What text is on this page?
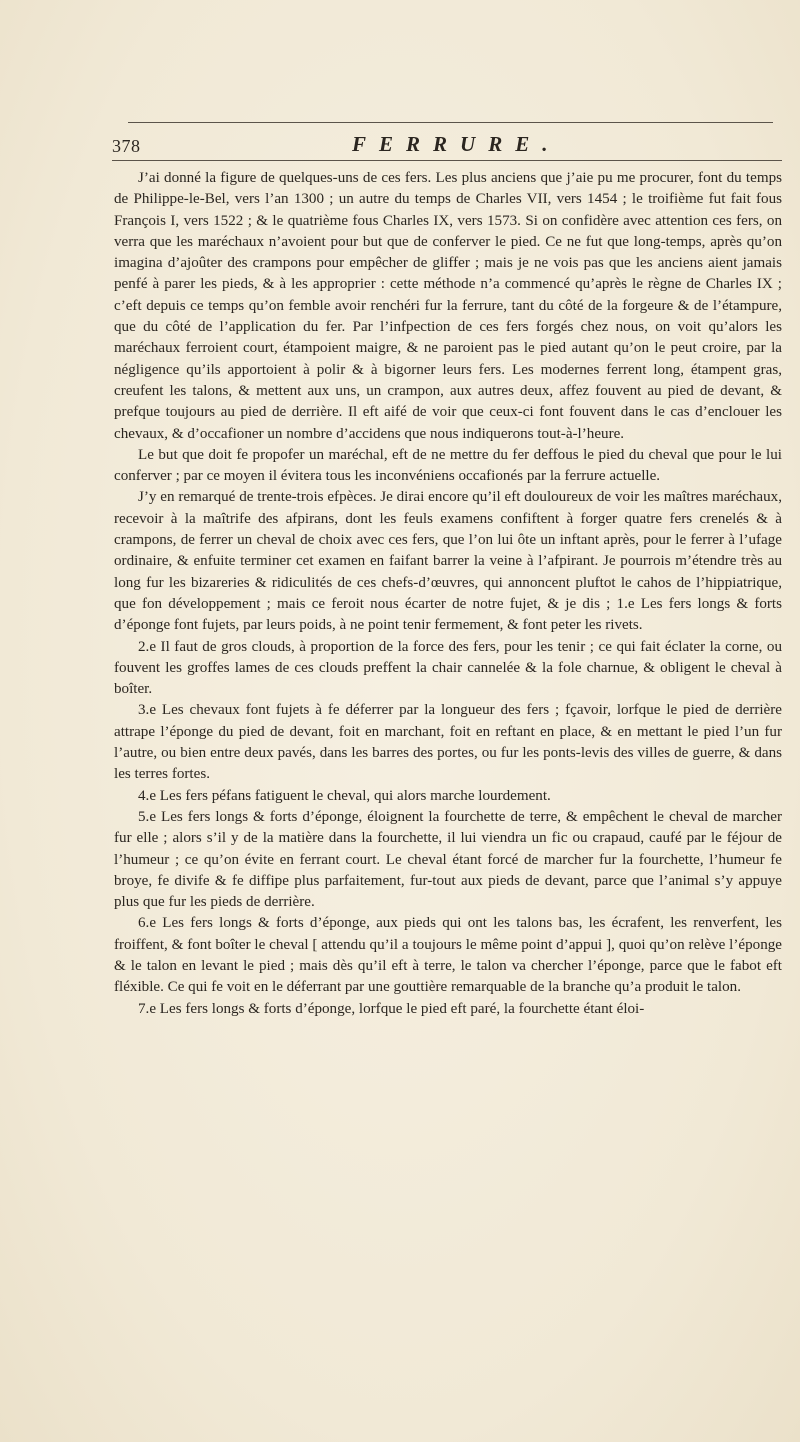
378	FERRURE.

J’ai donné la figure de quelques-uns de ces fers. Les plus anciens que j’aie pu me procurer, font du temps de Philippe-le-Bel, vers l’an 1300 ; un autre du temps de Charles VII, vers 1454 ; le troifième fut fait fous François I, vers 1522 ; & le quatrième fous Charles IX, vers 1573. Si on confidère avec attention ces fers, on verra que les maréchaux n’avoient pour but que de conferver le pied. Ce ne fut que long-temps, après qu’on imagina d’ajoûter des crampons pour empêcher de gliffer ; mais je ne vois pas que les anciens aient jamais penfé à parer les pieds, & à les approprier : cette méthode n’a commencé qu’après le règne de Charles IX ; c’eft depuis ce temps qu’on femble avoir renchéri fur la ferrure, tant du côté de la forgeure & de l’étampure, que du côté de l’application du fer. Par l’infpection de ces fers forgés chez nous, on voit qu’alors les maréchaux ferroient court, étampoient maigre, & ne paroient pas le pied autant qu’on le peut croire, par la négligence qu’ils apportoient à polir & à bigorner leurs fers. Les modernes ferrent long, étampent gras, creufent les talons, & mettent aux uns, un crampon, aux autres deux, affez fouvent au pied de devant, & prefque toujours au pied de derrière. Il eft aifé de voir que ceux-ci font fouvent dans le cas d’enclouer les chevaux, & d’occafioner un nombre d’accidens que nous indiquerons tout-à-l’heure.

Le but que doit fe propofer un maréchal, eft de ne mettre du fer deffous le pied du cheval que pour le lui conferver ; par ce moyen il évitera tous les inconvéniens occafionés par la ferrure actuelle.

J’y en remarqué de trente-trois efpèces. Je dirai encore qu’il eft douloureux de voir les maîtres maréchaux, recevoir à la maîtrife des afpirans, dont les feuls examens confiftent à forger quatre fers crenelés & à crampons, de ferrer un cheval de choix avec ces fers, que l’on lui ôte un inftant après, pour le ferrer à l’ufage ordinaire, & enfuite terminer cet examen en faifant barrer la veine à l’afpirant. Je pourrois m’étendre très au long fur les bizareries & ridiculités de ces chefs-d’œuvres, qui annoncent pluftot le cahos de l’hippiatrique, que fon développement ; mais ce feroit nous écarter de notre fujet, & je dis ; 1.e Les fers longs & forts d’éponge font fujets, par leurs poids, à ne point tenir fermement, & font peter les rivets.

2.e Il faut de gros clouds, à proportion de la force des fers, pour les tenir ; ce qui fait éclater la corne, ou fouvent les groffes lames de ces clouds preffent la chair cannelée & la fole charnue, & obligent le cheval à boîter.

3.e Les chevaux font fujets à fe déferrer par la longueur des fers ; fçavoir, lorfque le pied de derrière attrape l’éponge du pied de devant, foit en marchant, foit en reftant en place, & en mettant le pied l’un fur l’autre, ou bien entre deux pavés, dans les barres des portes, ou fur les ponts-levis des villes de guerre, & dans les terres fortes.

4.e Les fers péfans fatiguent le cheval, qui alors marche lourdement.

5.e Les fers longs & forts d’éponge, éloignent la fourchette de terre, & empêchent le cheval de marcher fur elle ; alors s’il y de la matière dans la fourchette, il lui viendra un fic ou crapaud, caufé par le féjour de l’humeur ; ce qu’on évite en ferrant court. Le cheval étant forcé de marcher fur la fourchette, l’humeur fe broye, fe divife & fe diffipe plus parfaitement, fur-tout aux pieds de devant, parce que l’animal s’y appuye plus que fur les pieds de derrière.

6.e Les fers longs & forts d’éponge, aux pieds qui ont les talons bas, les écrafent, les renverfent, les froiffent, & font boîter le cheval [ attendu qu’il a toujours le même point d’appui ], quoi qu’on relève l’éponge & le talon en levant le pied ; mais dès qu’il eft à terre, le talon va chercher l’éponge, parce que le fabot eft fléxible. Ce qui fe voit en le déferrant par une gouttière remarquable de la branche qu’a produit le talon.

7.e Les fers longs & forts d’éponge, lorfque le pied eft paré, la fourchette étant éloi-
